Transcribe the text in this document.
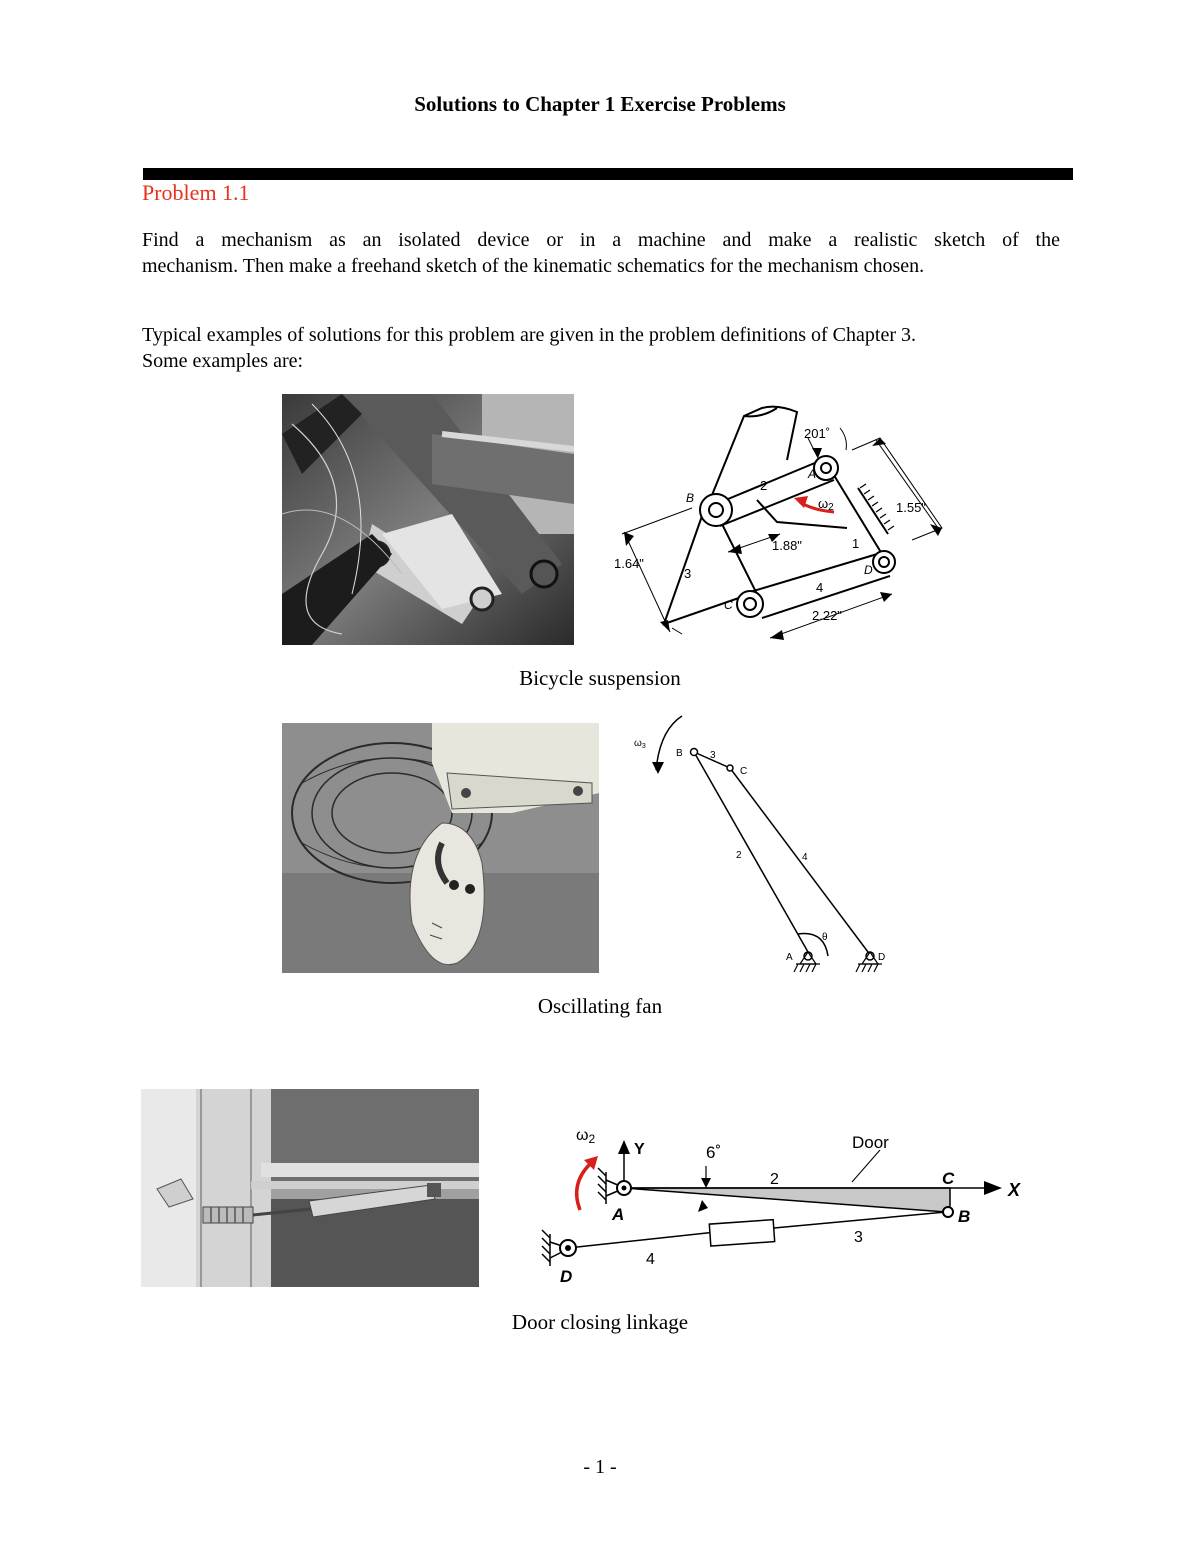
Solutions to Chapter 1 Exercise Problems
Problem 1.1
Find a mechanism as an isolated device or in a machine and make a realistic sketch of the
mechanism. Then make a freehand sketch of the kinematic schematics for the mechanism chosen.
Typical examples of solutions for this problem are given in the problem definitions of Chapter 3.
Some examples are:
201˚
A
B
C
D
ω2
1
2
3
4
1.55"
1.88"
1.64"
2.22"
Bicycle suspension
$\omega_3$
B
C
A	D
2
3
4
θ
Oscillating fan
ω2
Y
X
6˚
Door
A	B
C
D
2
3
4
Door closing linkage
- 1 -
